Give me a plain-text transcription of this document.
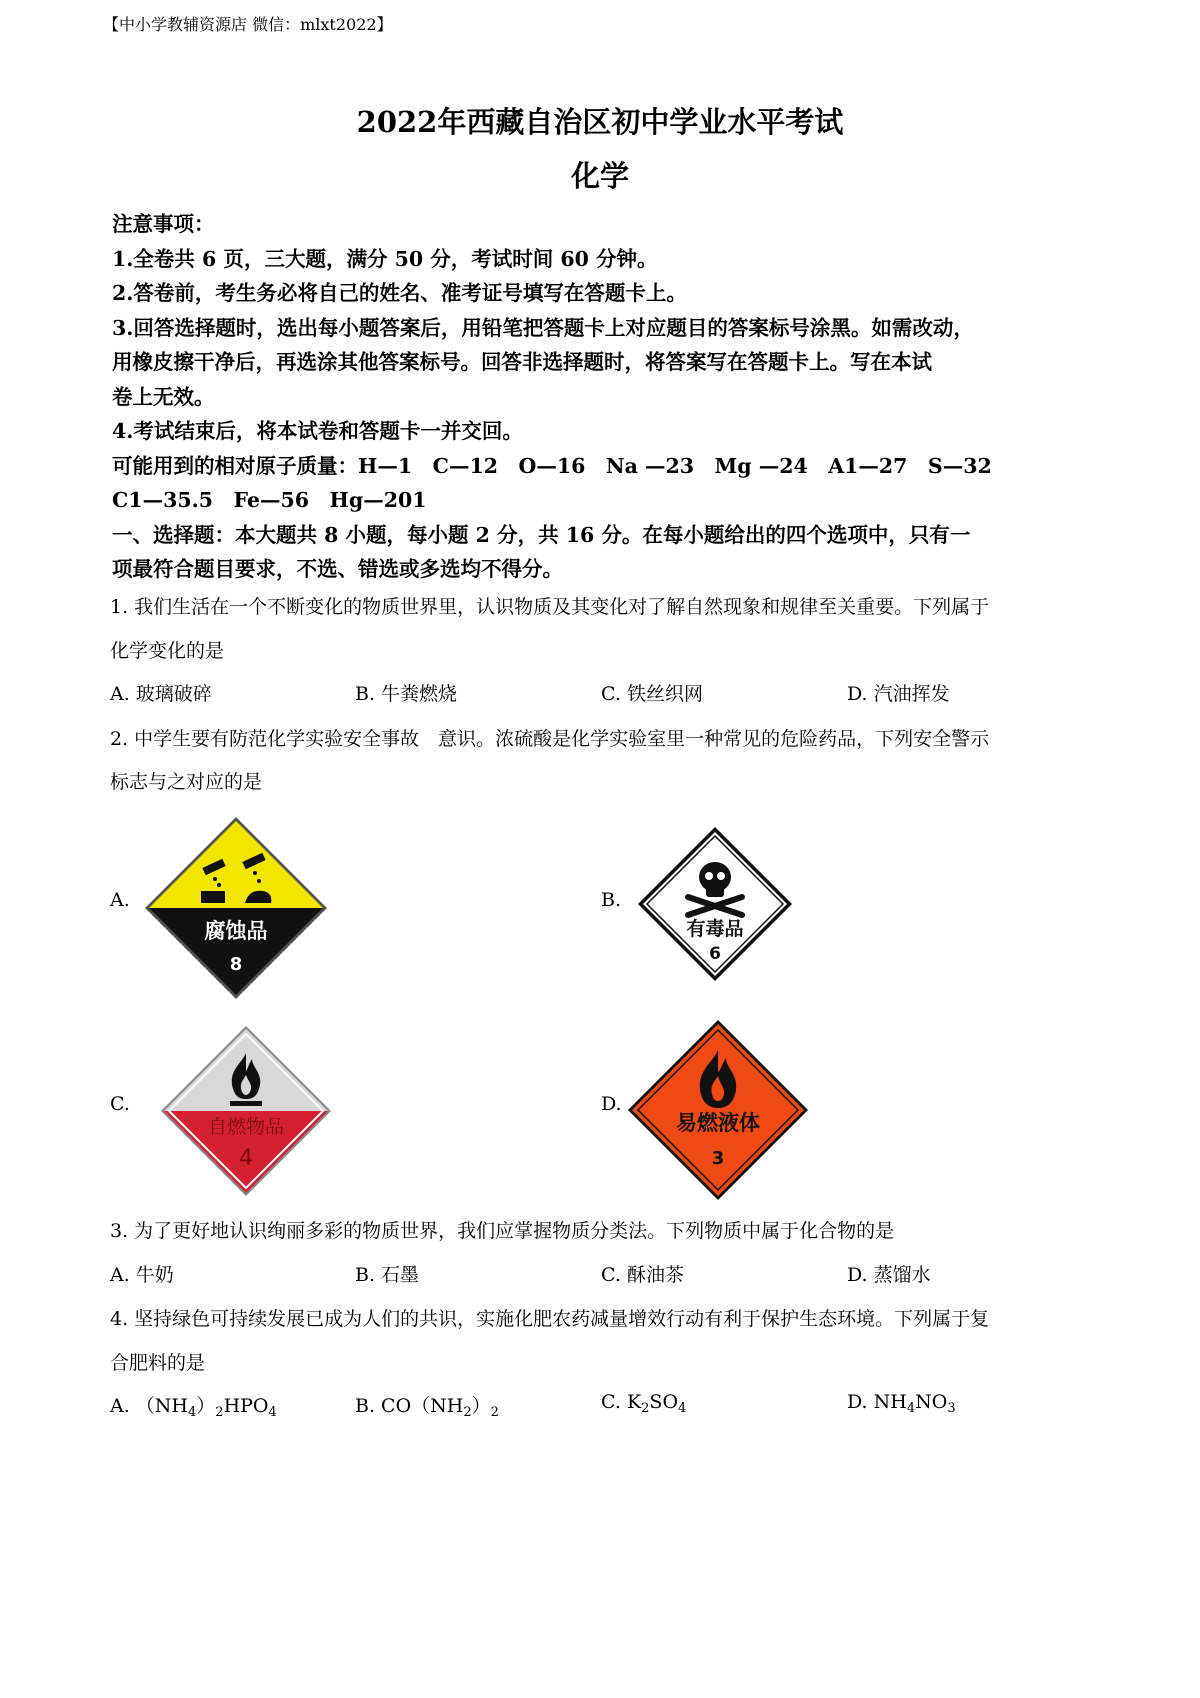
【中小学教辅资源店 微信：mlxt2022】
2022年西藏自治区初中学业水平考试
化学
注意事项：
1.全卷共 6 页，三大题，满分 50 分，考试时间 60 分钟。
2.答卷前，考生务必将自己的姓名、准考证号填写在答题卡上。
3.回答选择题时，选出每小题答案后，用铅笔把答题卡上对应题目的答案标号涂黑。如需改动，
用橡皮擦干净后，再选涂其他答案标号。回答非选择题时，将答案写在答题卡上。写在本试
卷上无效。
4.考试结束后，将本试卷和答题卡一并交回。
可能用到的相对原子质量：H—1　C—12　O—16　Na —23　Mg —24　A1—27　S—32
C1—35.5　Fe—56　Hg—201
一、选择题：本大题共 8 小题，每小题 2 分，共 16 分。在每小题给出的四个选项中，只有一
项最符合题目要求，不选、错选或多选均不得分。
1. 我们生活在一个不断变化的物质世界里，认识物质及其变化对了解自然现象和规律至关重要。下列属于
化学变化的是
A. 玻璃破碎	B. 牛粪燃烧	C. 铁丝织网	D. 汽油挥发
2. 中学生要有防范化学实验安全事故　意识。浓硫酸是化学实验室里一种常见的危险药品，下列安全警示
标志与之对应的是
A.	B.
C.	D.
腐蚀品
8
有毒品
6
自燃物品
4
易燃液体
3
3. 为了更好地认识绚丽多彩的物质世界，我们应掌握物质分类法。下列物质中属于化合物的是
A. 牛奶	B. 石墨	C. 酥油茶	D. 蒸馏水
4. 坚持绿色可持续发展已成为人们的共识，实施化肥农药减量增效行动有利于保护生态环境。下列属于复
合肥料的是
A. $(NH_4)_2HPO_4$	B. $CO(NH_2)_2$	C. $K_2SO_4$	D. $NH_4NO_3$
